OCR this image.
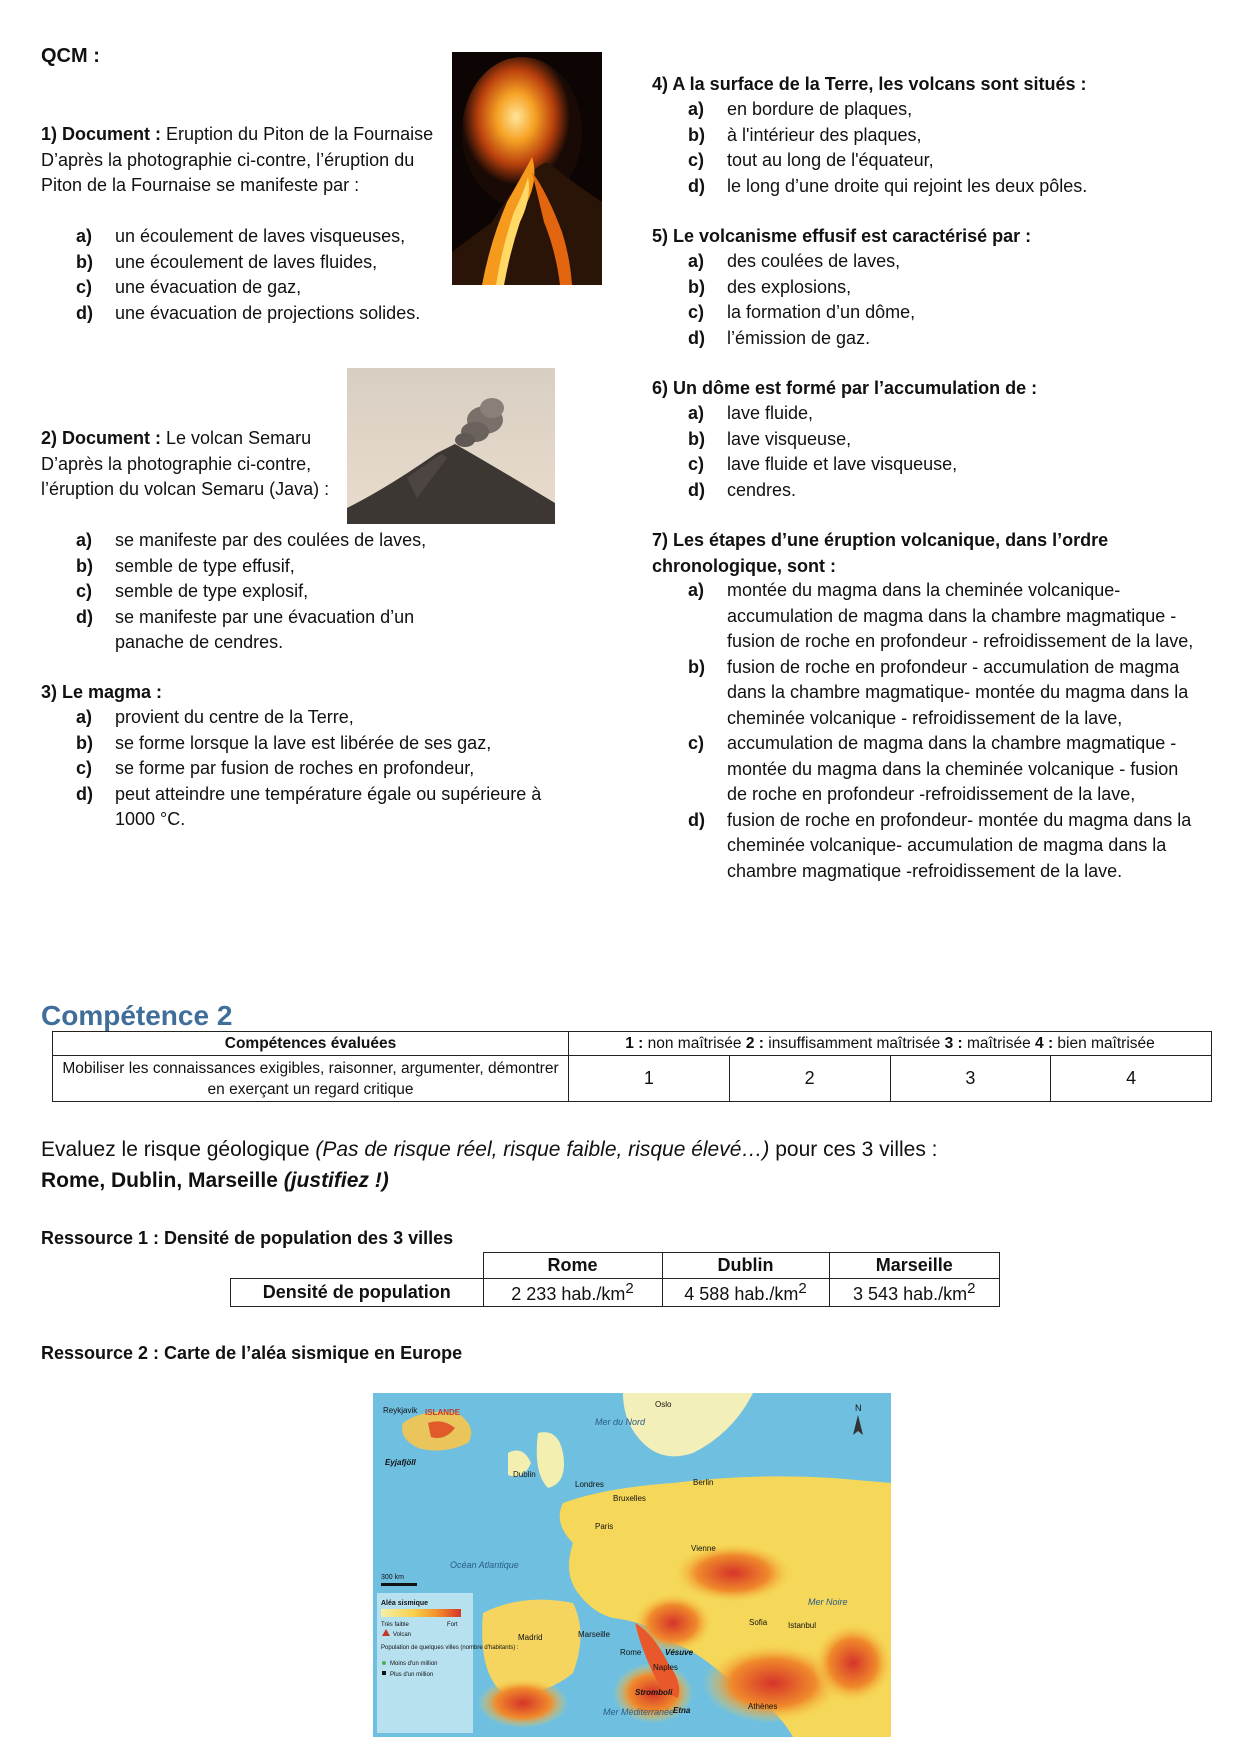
QCM :
1) Document : Eruption du Piton de la Fournaise
D’après la photographie ci-contre, l’éruption du
Piton de la Fournaise se manifeste par :
a) un écoulement de laves visqueuses,
b) une écoulement de laves fluides,
c) une évacuation de gaz,
d) une évacuation de projections solides.
2) Document : Le volcan Semaru
D’après la photographie ci-contre,
l’éruption du volcan Semaru (Java) :
a) se manifeste par des coulées de laves,
b) semble de type effusif,
c) semble de type explosif,
d) se manifeste par une évacuation d’un panache de cendres.
3) Le magma :
a) provient du centre de la Terre,
b) se forme lorsque la lave est libérée de ses gaz,
c) se forme par fusion de roches en profondeur,
d) peut atteindre une température égale ou supérieure à 1000 °C.
4) A la surface de la Terre, les volcans sont situés :
a) en bordure de plaques,
b) à l'intérieur des plaques,
c) tout au long de l'équateur,
d) le long d’une droite qui rejoint les deux pôles.
5) Le volcanisme effusif est caractérisé par :
a) des coulées de laves,
b) des explosions,
c) la formation d’un dôme,
d) l’émission de gaz.
6) Un dôme est formé par l’accumulation de :
a) lave fluide,
b) lave visqueuse,
c) lave fluide et lave visqueuse,
d) cendres.
7) Les étapes d’une éruption volcanique, dans l’ordre chronologique, sont :
a) montée du magma dans la cheminée volcanique- accumulation de magma dans la chambre magmatique -fusion de roche en profondeur - refroidissement de la lave,
b) fusion de roche en profondeur - accumulation de magma dans la chambre magmatique- montée du magma dans la cheminée volcanique - refroidissement de la lave,
c) accumulation de magma dans la chambre magmatique - montée du magma dans la cheminée volcanique - fusion de roche en profondeur -refroidissement de la lave,
d) fusion de roche en profondeur- montée du magma dans la cheminée volcanique- accumulation de magma dans la chambre magmatique -refroidissement de la lave.
Compétence 2
Compétences évaluées	1 : non maîtrisée 2 : insuffisamment maîtrisée 3 : maîtrisée 4 : bien maîtrisée			
Mobiliser les connaissances exigibles, raisonner, argumenter, démontrer en exerçant un regard critique	1	2	3	4
Evaluez le risque géologique (Pas de risque réel, risque faible, risque élevé…) pour ces 3 villes :
Rome, Dublin, Marseille (justifiez !)
Ressource 1 : Densité de population des 3 villes
	Rome	Dublin	Marseille
Densité de population	2 233 $hab./km^2$	4 588 $hab./km^2$	3 543 $hab./km^2$
Ressource 2 : Carte de l’aléa sismique en Europe
Mer du Nord
Océan Atlantique
Mer Méditerranée
Mer Noire
ISLANDE
Reykjavik
Dublin
Londres
Bruxelles
Berlin
Paris
Vienne
Madrid	Marseille
Rome
Naples
Sofia	Istanbul
Athènes
Oslo
Eyjafjöll
Vésuve
Stromboli
Etna
N
300 km
Aléa sismique
Très faible	Fort
Volcan
Population de quelques villes (nombre d'habitants) :
Moins d'un million
Plus d'un million
